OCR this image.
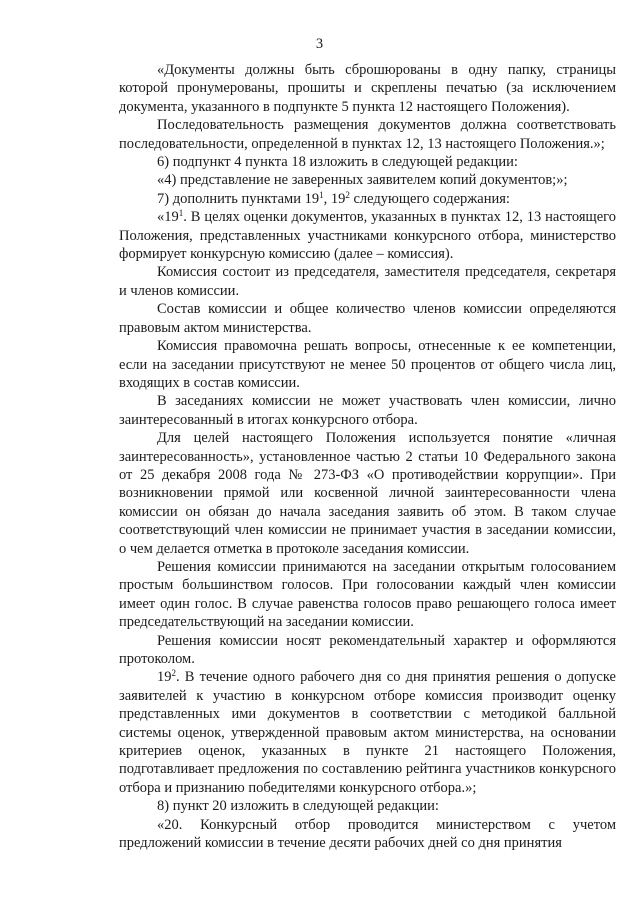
3

«Документы должны быть сброшюрованы в одну папку, страницы которой пронумерованы, прошиты и скреплены печатью (за исключением документа, указанного в подпункте 5 пункта 12 настоящего Положения).

Последовательность размещения документов должна соответствовать последовательности, определенной в пунктах 12, 13 настоящего Положения.»;

6) подпункт 4 пункта 18 изложить в следующей редакции:

«4) представление не заверенных заявителем копий документов;»;

7) дополнить пунктами $19^1$, $19^2$ следующего содержания:

«$19^1$. В целях оценки документов, указанных в пунктах 12, 13 настоящего Положения, представленных участниками конкурсного отбора, министерство формирует конкурсную комиссию (далее – комиссия).

Комиссия состоит из председателя, заместителя председателя, секретаря и членов комиссии.

Состав комиссии и общее количество членов комиссии определяются правовым актом министерства.

Комиссия правомочна решать вопросы, отнесенные к ее компетенции, если на заседании присутствуют не менее 50 процентов от общего числа лиц, входящих в состав комиссии.

В заседаниях комиссии не может участвовать член комиссии, лично заинтересованный в итогах конкурсного отбора.

Для целей настоящего Положения используется понятие «личная заинтересованность», установленное частью 2 статьи 10 Федерального закона от 25 декабря 2008 года № 273-ФЗ «О противодействии коррупции». При возникновении прямой или косвенной личной заинтересованности члена комиссии он обязан до начала заседания заявить об этом. В таком случае соответствующий член комиссии не принимает участия в заседании комиссии, о чем делается отметка в протоколе заседания комиссии.

Решения комиссии принимаются на заседании открытым голосованием простым большинством голосов. При голосовании каждый член комиссии имеет один голос. В случае равенства голосов право решающего голоса имеет председательствующий на заседании комиссии.

Решения комиссии носят рекомендательный характер и оформляются протоколом.

$19^2$. В течение одного рабочего дня со дня принятия решения о допуске заявителей к участию в конкурсном отборе комиссия производит оценку представленных ими документов в соответствии с методикой балльной системы оценок, утвержденной правовым актом министерства, на основании критериев оценок, указанных в пункте 21 настоящего Положения, подготавливает предложения по составлению рейтинга участников конкурсного отбора и признанию победителями конкурсного отбора.»;

8) пункт 20 изложить в следующей редакции:

«20. Конкурсный отбор проводится министерством с учетом предложений комиссии в течение десяти рабочих дней со дня принятия
